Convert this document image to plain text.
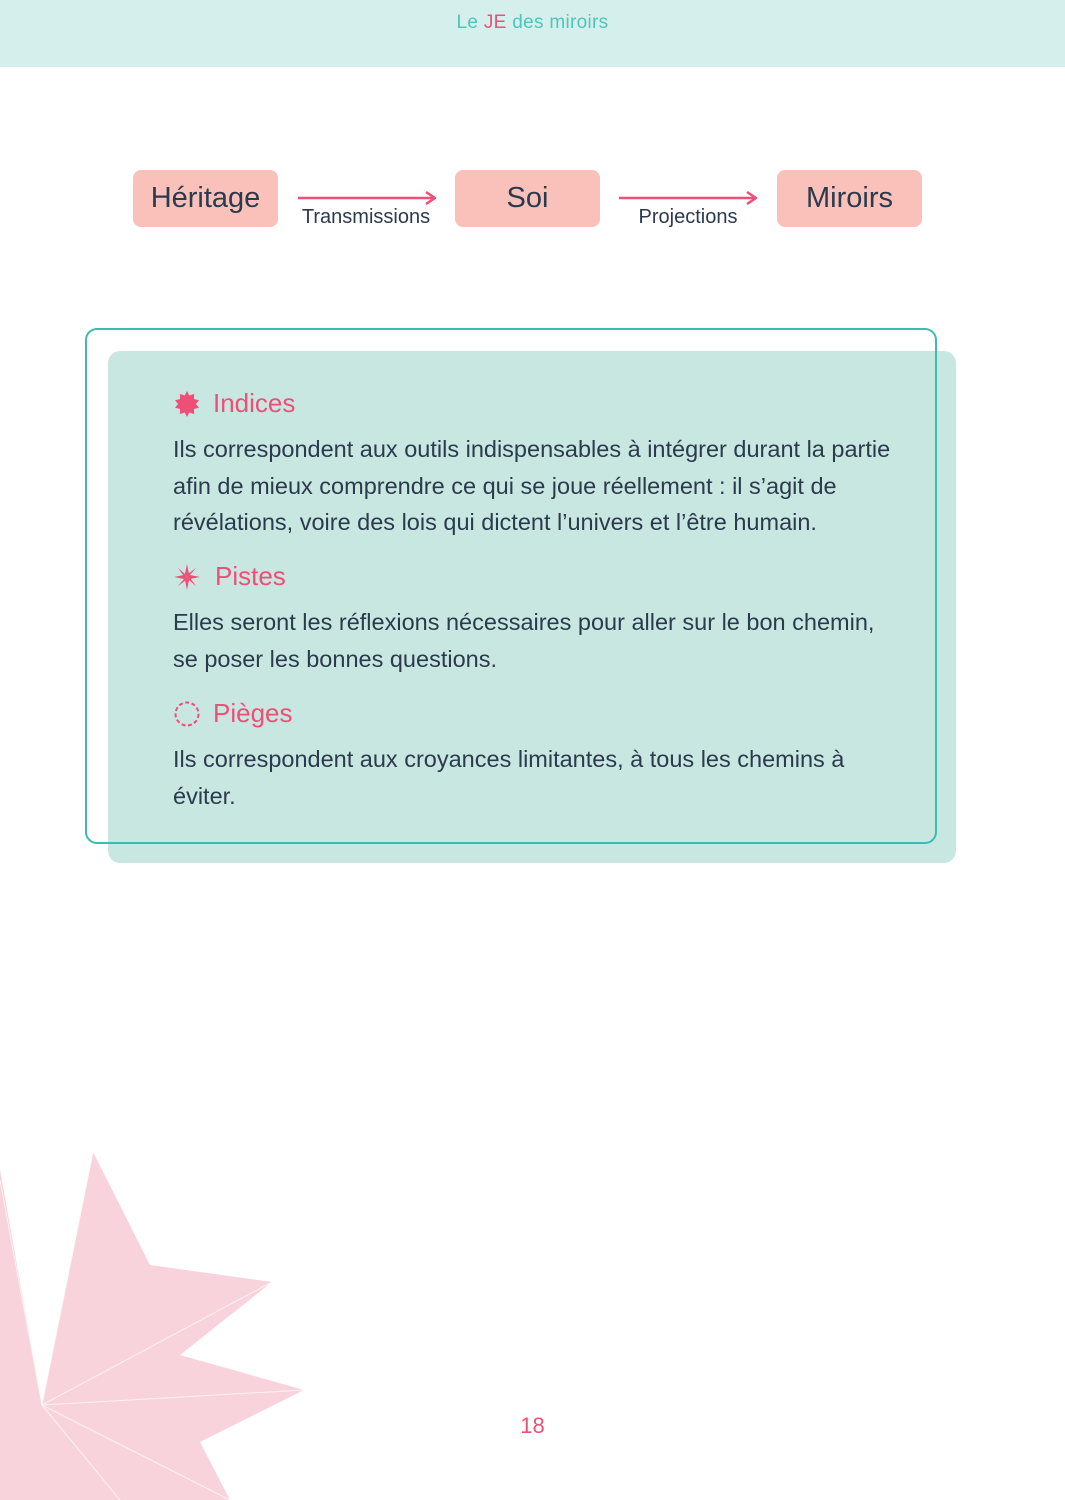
Le JE des miroirs
Héritage
Transmissions
Soi
Projections
Miroirs
Indices
Ils correspondent aux outils indispensables à intégrer durant la partie afin de mieux comprendre ce qui se joue réellement : il s’agit de révélations, voire des lois qui dictent l’univers et l’être humain.
Pistes
Elles seront les réflexions nécessaires pour aller sur le bon chemin, se poser les bonnes questions.
Pièges
Ils correspondent aux croyances limitantes, à tous les chemins à éviter.
18
